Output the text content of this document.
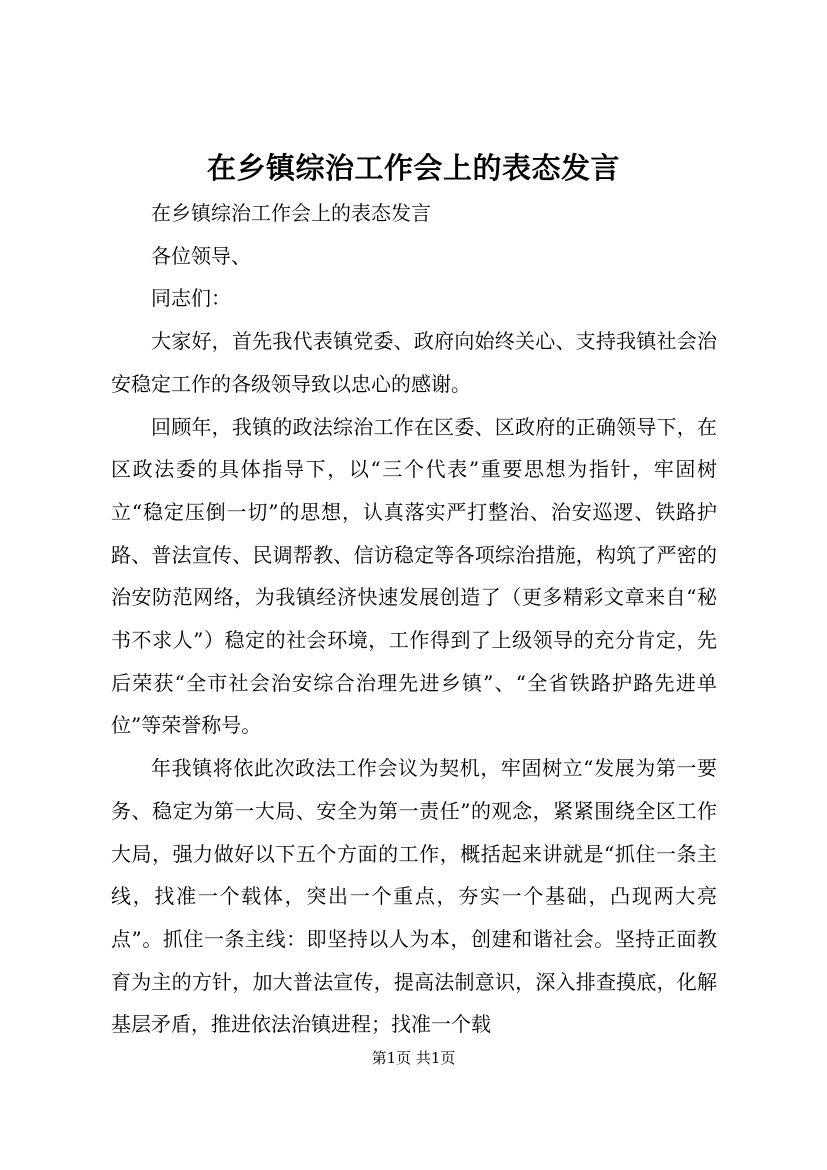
在乡镇综治工作会上的表态发言

在乡镇综治工作会上的表态发言

各位领导、

同志们：

大家好，首先我代表镇党委、政府向始终关心、支持我镇社会治安稳定工作的各级领导致以忠心的感谢。

回顾年，我镇的政法综治工作在区委、区政府的正确领导下，在区政法委的具体指导下，以“三个代表”重要思想为指针，牢固树立“稳定压倒一切”的思想，认真落实严打整治、治安巡逻、铁路护路、普法宣传、民调帮教、信访稳定等各项综治措施，构筑了严密的治安防范网络，为我镇经济快速发展创造了（更多精彩文章来自“秘书不求人”）稳定的社会环境，工作得到了上级领导的充分肯定，先后荣获“全市社会治安综合治理先进乡镇”、“全省铁路护路先进单位”等荣誉称号。

年我镇将依此次政法工作会议为契机，牢固树立“发展为第一要务、稳定为第一大局、安全为第一责任”的观念，紧紧围绕全区工作大局，强力做好以下五个方面的工作，概括起来讲就是“抓住一条主线，找准一个载体，突出一个重点，夯实一个基础，凸现两大亮点”。抓住一条主线：即坚持以人为本，创建和谐社会。坚持正面教育为主的方针，加大普法宣传，提高法制意识，深入排查摸底，化解基层矛盾，推进依法治镇进程；找准一个载

第1页 共1页
